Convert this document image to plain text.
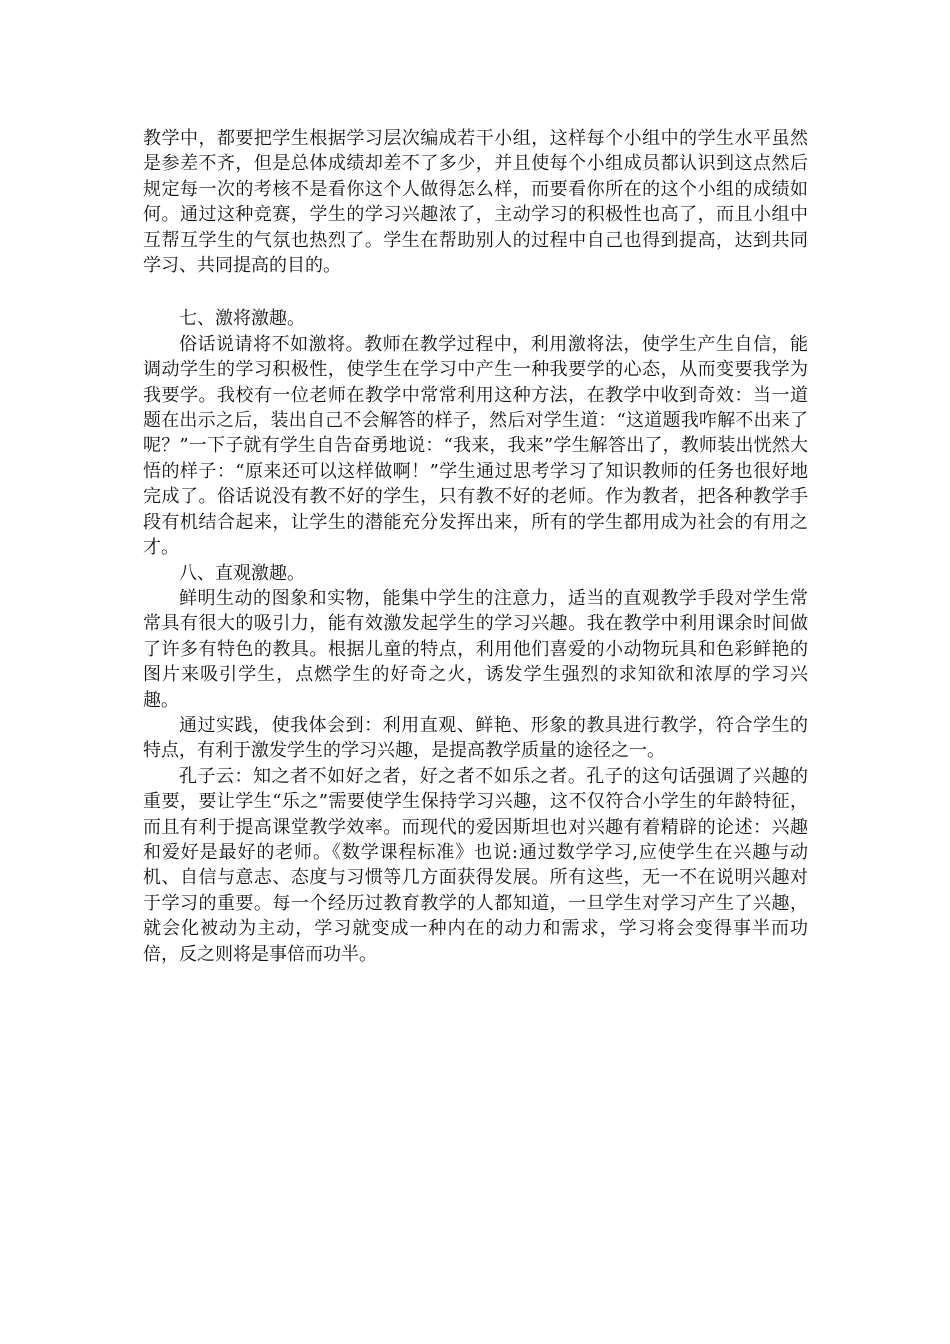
教学中，都要把学生根据学习层次编成若干小组，这样每个小组中的学生水平虽然是参差不齐，但是总体成绩却差不了多少，并且使每个小组成员都认识到这点然后规定每一次的考核不是看你这个人做得怎么样，而要看你所在的这个小组的成绩如何。通过这种竞赛，学生的学习兴趣浓了，主动学习的积极性也高了，而且小组中互帮互学生的气氛也热烈了。学生在帮助别人的过程中自己也得到提高，达到共同学习、共同提高的目的。

七、激将激趣。

俗话说请将不如激将。教师在教学过程中，利用激将法，使学生产生自信，能调动学生的学习积极性，使学生在学习中产生一种我要学的心态，从而变要我学为我要学。我校有一位老师在教学中常常利用这种方法，在教学中收到奇效：当一道题在出示之后，装出自己不会解答的样子，然后对学生道：“这道题我咋解不出来了呢？”一下子就有学生自告奋勇地说：“我来，我来”学生解答出了，教师装出恍然大悟的样子：“原来还可以这样做啊！”学生通过思考学习了知识教师的任务也很好地完成了。俗话说没有教不好的学生，只有教不好的老师。作为教者，把各种教学手段有机结合起来，让学生的潜能充分发挥出来，所有的学生都用成为社会的有用之才。

八、直观激趣。

鲜明生动的图象和实物，能集中学生的注意力，适当的直观教学手段对学生常常具有很大的吸引力，能有效激发起学生的学习兴趣。我在教学中利用课余时间做了许多有特色的教具。根据儿童的特点，利用他们喜爱的小动物玩具和色彩鲜艳的图片来吸引学生，点燃学生的好奇之火，诱发学生强烈的求知欲和浓厚的学习兴趣。

通过实践，使我体会到：利用直观、鲜艳、形象的教具进行教学，符合学生的特点，有利于激发学生的学习兴趣，是提高教学质量的途径之一。

孔子云：知之者不如好之者，好之者不如乐之者。孔子的这句话强调了兴趣的重要，要让学生“乐之”需要使学生保持学习兴趣，这不仅符合小学生的年龄特征，而且有利于提高课堂教学效率。而现代的爱因斯坦也对兴趣有着精辟的论述：兴趣和爱好是最好的老师。《数学课程标准》也说:通过数学学习,应使学生在兴趣与动机、自信与意志、态度与习惯等几方面获得发展。所有这些，无一不在说明兴趣对于学习的重要。每一个经历过教育教学的人都知道，一旦学生对学习产生了兴趣，就会化被动为主动，学习就变成一种内在的动力和需求，学习将会变得事半而功倍，反之则将是事倍而功半。
